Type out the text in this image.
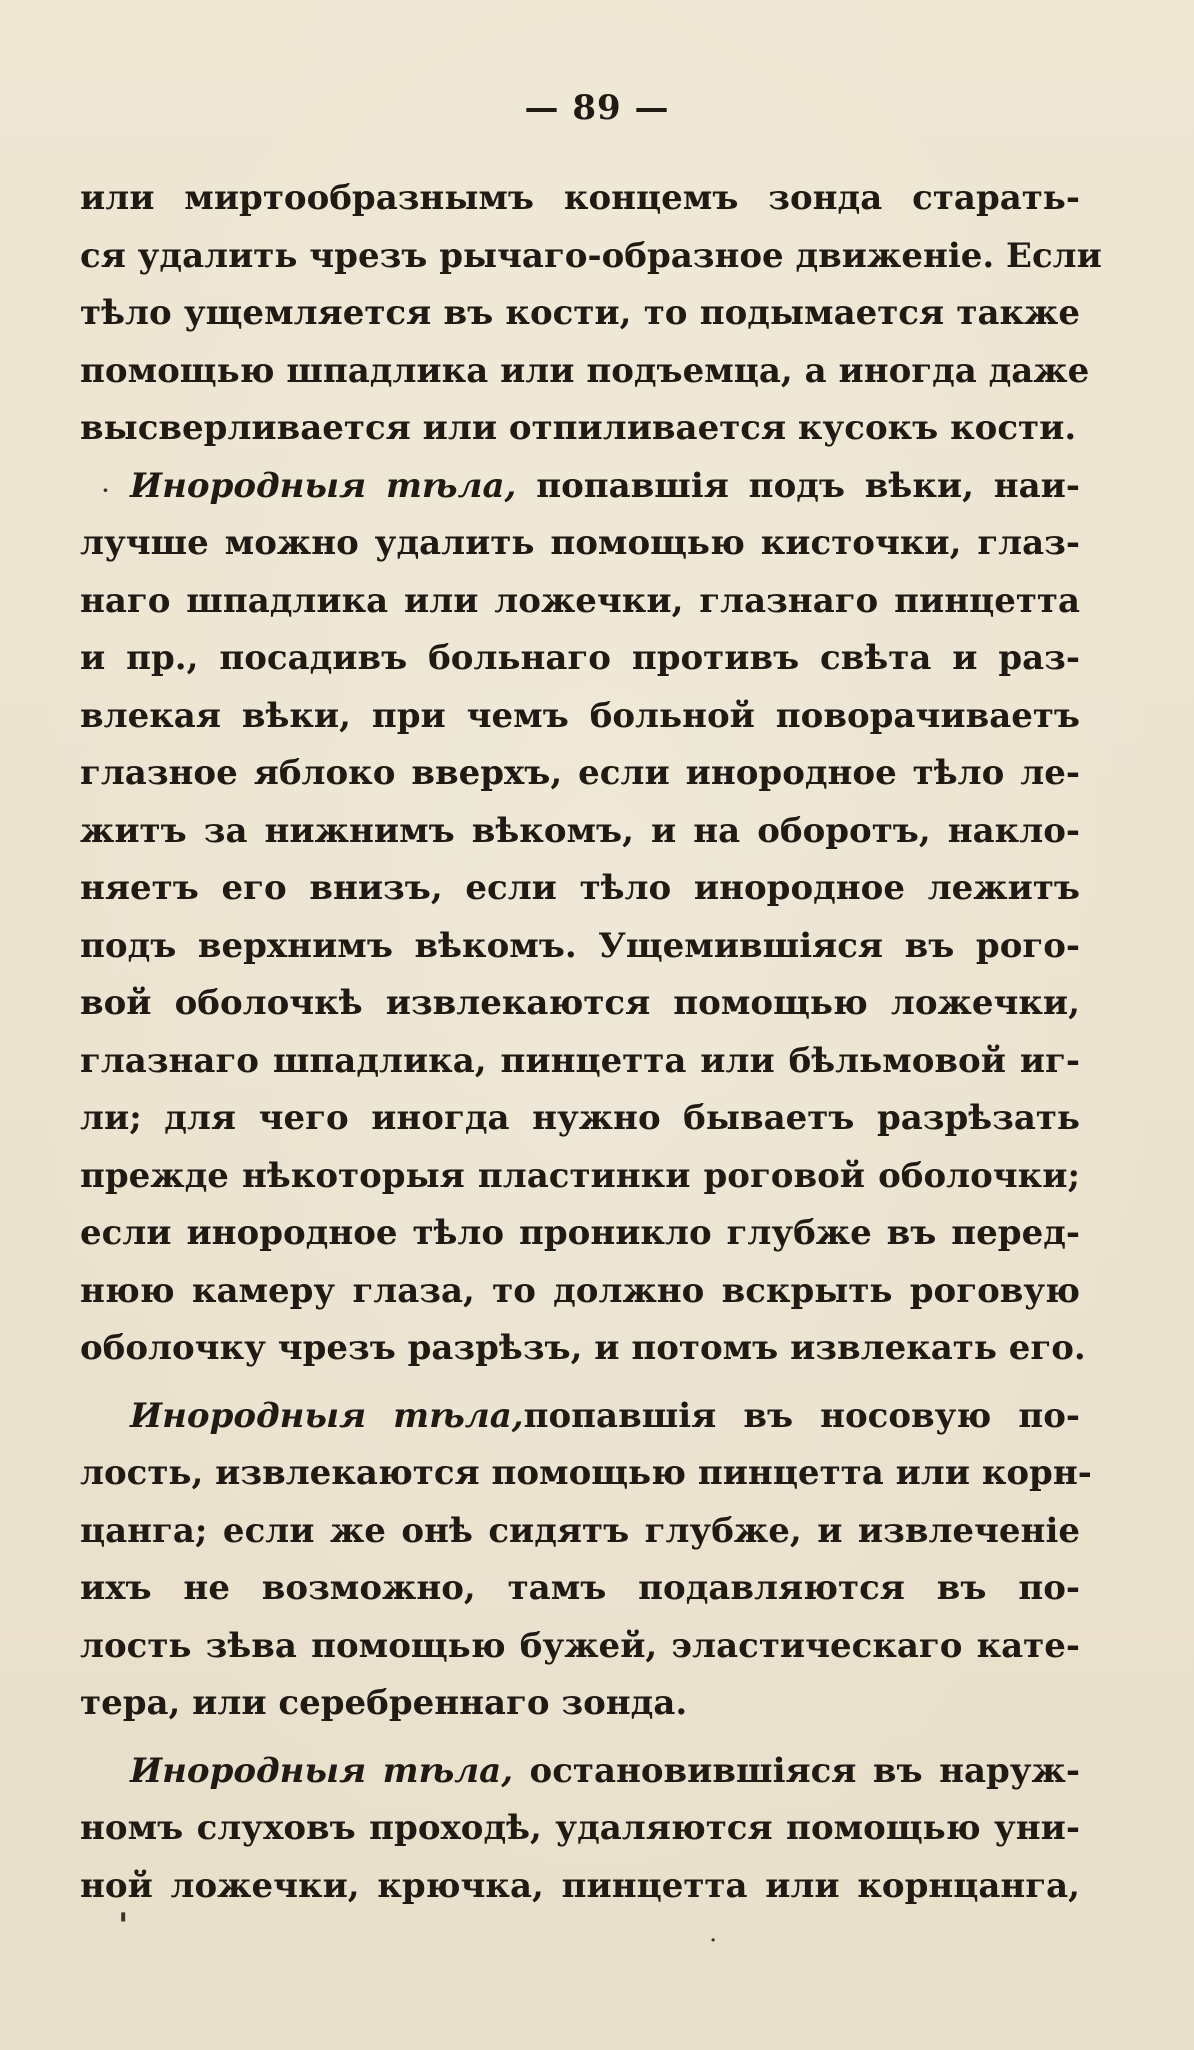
— 89 —
или миртообразнымъ концемъ зонда старать-
ся удалить чрезъ рычаго-образное движеніе. Если
тѣло ущемляется въ кости, то подымается также
помощью шпадлика или подъемца, а иногда даже
высверливается или отпиливается кусокъ кости.
Инородныя тѣла, попавшія подъ вѣки, наи-
лучше можно удалить помощью кисточки, глаз-
наго шпадлика или ложечки, глазнаго пинцетта
и пр., посадивъ больнаго противъ свѣта и раз-
влекая вѣки, при чемъ больной поворачиваетъ
глазное яблоко вверхъ, если инородное тѣло ле-
житъ за нижнимъ вѣкомъ, и на оборотъ, накло-
няетъ его внизъ, если тѣло инородное лежитъ
подъ верхнимъ вѣкомъ. Ущемившіяся въ рого-
вой оболочкѣ извлекаются помощью ложечки,
глазнаго шпадлика, пинцетта или бѣльмовой иг-
ли; для чего иногда нужно бываетъ разрѣзать
прежде нѣкоторыя пластинки роговой оболочки;
если инородное тѣло проникло глубже въ перед-
нюю камеру глаза, то должно вскрыть роговую
оболочку чрезъ разрѣзъ, и потомъ извлекать его.
Инородныя тѣла,попавшія въ носовую по-
лость, извлекаются помощью пинцетта или корн-
цанга; если же онѣ сидятъ глубже, и извлеченіе
ихъ не возможно, тамъ подавляются въ по-
лость зѣва помощью бужей, эластическаго кате-
тера, или серебреннаго зонда.
Инородныя тѣла, остановившіяся въ наруж-
номъ слуховъ проходѣ, удаляются помощью уни-
ной ложечки, крючка, пинцетта или корнцанга,
·
'	·
